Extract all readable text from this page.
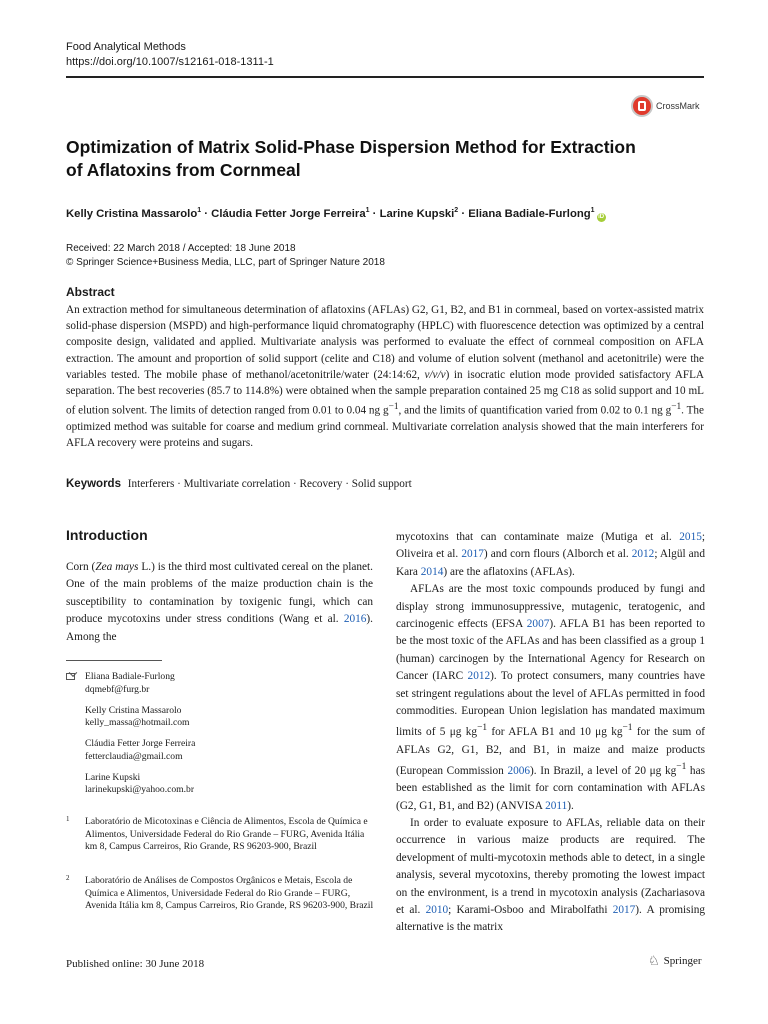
Food Analytical Methods
https://doi.org/10.1007/s12161-018-1311-1
CrossMark
Optimization of Matrix Solid-Phase Dispersion Method for Extraction
of Aflatoxins from Cornmeal
Kelly Cristina Massarolo$^1$ · Cláudia Fetter Jorge Ferreira$^1$ · Larine Kupski$^2$ · Eliana Badiale-Furlong$^1$iD
Received: 22 March 2018 / Accepted: 18 June 2018
© Springer Science+Business Media, LLC, part of Springer Nature 2018
Abstract
An extraction method for simultaneous determination of aflatoxins (AFLAs) G2, G1, B2, and B1 in cornmeal, based on vortex-assisted matrix solid-phase dispersion (MSPD) and high-performance liquid chromatography (HPLC) with fluorescence detection was optimized by a central composite design, validated and applied. Multivariate analysis was performed to evaluate the effect of cornmeal composition on AFLA extraction. The amount and proportion of solid support (celite and C18) and volume of elution solvent (methanol and acetonitrile) were the variables tested. The mobile phase of methanol/acetonitrile/water (24:14:62, v/v/v) in isocratic elution mode provided satisfactory AFLA separation. The best recoveries (85.7 to 114.8%) were obtained when the sample preparation contained 25 mg C18 as solid support and 10 mL of elution solvent. The limits of detection ranged from 0.01 to 0.04 ng $g^{-1}$, and the limits of quantification varied from 0.02 to 0.1 ng $g^{-1}$. The optimized method was suitable for coarse and medium grind cornmeal. Multivariate correlation analysis showed that the main interferers for AFLA recovery were proteins and sugars.
Keywords Interferers · Multivariate correlation · Recovery · Solid support
Introduction

Corn (Zea mays L.) is the third most cultivated cereal on the planet. One of the main problems of the maize production chain is the susceptibility to contamination by toxigenic fungi, which can produce mycotoxins under stress conditions (Wang et al. 2016). Among the

mycotoxins that can contaminate maize (Mutiga et al. 2015; Oliveira et al. 2017) and corn flours (Alborch et al. 2012; Algül and Kara 2014) are the aflatoxins (AFLAs).

AFLAs are the most toxic compounds produced by fungi and display strong immunosuppressive, mutagenic, teratogenic, and carcinogenic effects (EFSA 2007). AFLA B1 has been reported to be the most toxic of the AFLAs and has been classified as a group 1 (human) carcinogen by the International Agency for Research on Cancer (IARC 2012). To protect consumers, many countries have set stringent regulations about the level of AFLAs permitted in food commodities. European Union legislation has mandated maximum limits of 5 μg $kg^{-1}$ for AFLA B1 and 10 μg $kg^{-1}$ for the sum of AFLAs G2, G1, B2, and B1, in maize and maize products (European Commission 2006). In Brazil, a level of 20 μg $kg^{-1}$ has been established as the limit for corn contamination with AFLAs (G2, G1, B1, and B2) (ANVISA 2011).

In order to evaluate exposure to AFLAs, reliable data on their occurrence in various maize products are required. The development of multi-mycotoxin methods able to detect, in a single analysis, several mycotoxins, thereby promoting the lowest impact on the environment, is a trend in mycotoxin analysis (Zachariasova et al. 2010; Karami-Osboo and Mirabolfathi 2017). A promising alternative is the matrix

Eliana Badiale-Furlong
dqmebf@furg.br
Kelly Cristina Massarolo
kelly_massa@hotmail.com
Cláudia Fetter Jorge Ferreira
fetterclaudia@gmail.com
Larine Kupski
larinekupski@yahoo.com.br
1 Laboratório de Micotoxinas e Ciência de Alimentos, Escola de Química e Alimentos, Universidade Federal do Rio Grande – FURG, Avenida Itália km 8, Campus Carreiros, Rio Grande, RS 96203-900, Brazil
2 Laboratório de Análises de Compostos Orgânicos e Metais, Escola de Química e Alimentos, Universidade Federal do Rio Grande – FURG, Avenida Itália km 8, Campus Carreiros, Rio Grande, RS 96203-900, Brazil
Published online: 30 June 2018	♘ Springer
